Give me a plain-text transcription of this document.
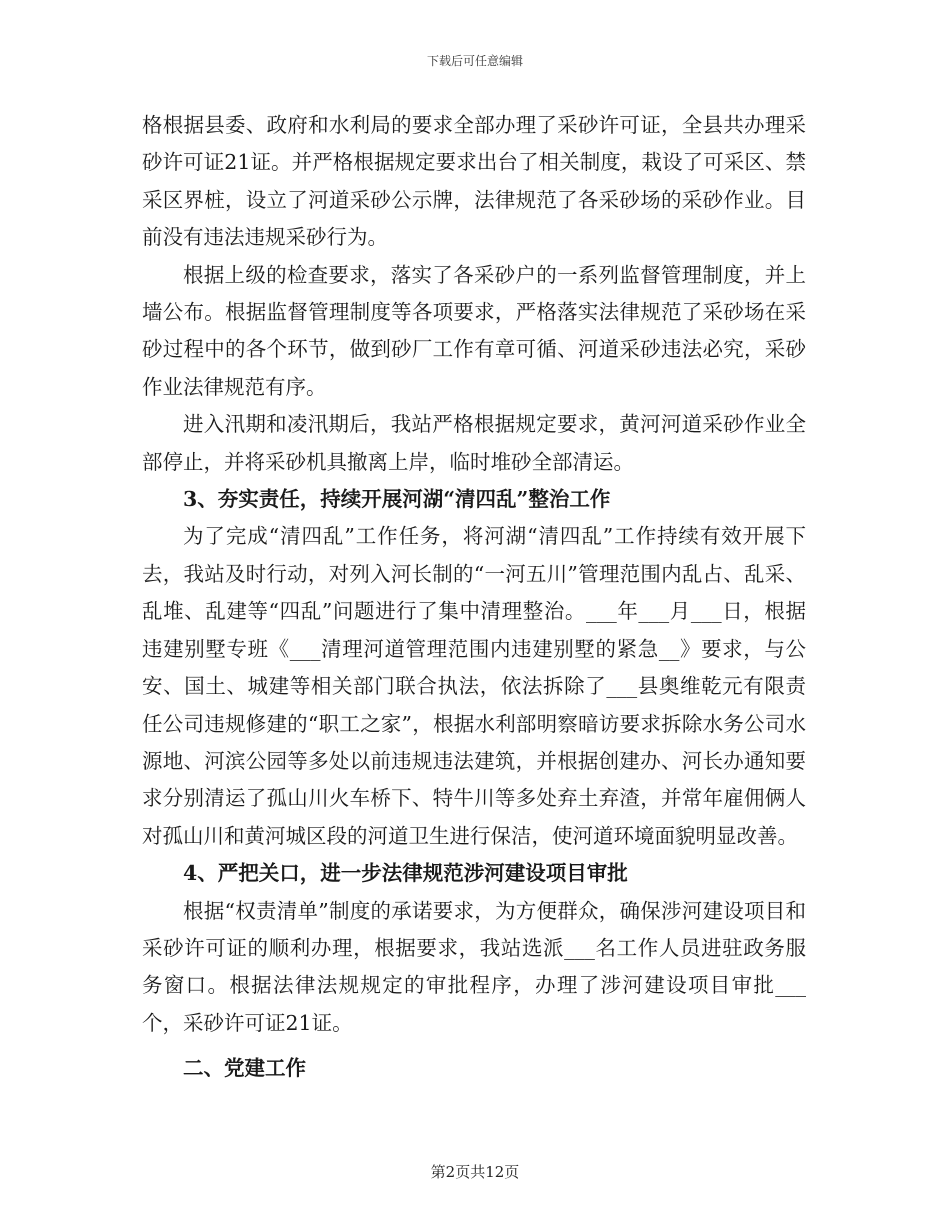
下载后可任意编辑

格根据县委、政府和水利局的要求全部办理了采砂许可证，全县共办理采砂许可证21证。并严格根据规定要求出台了相关制度，栽设了可采区、禁采区界桩，设立了河道采砂公示牌，法律规范了各采砂场的采砂作业。目前没有违法违规采砂行为。

根据上级的检查要求，落实了各采砂户的一系列监督管理制度，并上墙公布。根据监督管理制度等各项要求，严格落实法律规范了采砂场在采砂过程中的各个环节，做到砂厂工作有章可循、河道采砂违法必究，采砂作业法律规范有序。

进入汛期和凌汛期后，我站严格根据规定要求，黄河河道采砂作业全部停止，并将采砂机具撤离上岸，临时堆砂全部清运。

3、夯实责任，持续开展河湖“清四乱”整治工作

为了完成“清四乱”工作任务，将河湖“清四乱”工作持续有效开展下去，我站及时行动，对列入河长制的“一河五川”管理范围内乱占、乱采、乱堆、乱建等“四乱”问题进行了集中清理整治。___年___月___日，根据违建别墅专班《___清理河道管理范围内违建别墅的紧急__》要求，与公安、国土、城建等相关部门联合执法，依法拆除了___县奥维乾元有限责任公司违规修建的“职工之家”，根据水利部明察暗访要求拆除水务公司水源地、河滨公园等多处以前违规违法建筑，并根据创建办、河长办通知要求分别清运了孤山川火车桥下、特牛川等多处弃土弃渣，并常年雇佣俩人对孤山川和黄河城区段的河道卫生进行保洁，使河道环境面貌明显改善。

4、严把关口，进一步法律规范涉河建设项目审批

根据“权责清单”制度的承诺要求，为方便群众，确保涉河建设项目和采砂许可证的顺利办理，根据要求，我站选派___名工作人员进驻政务服务窗口。根据法律法规规定的审批程序，办理了涉河建设项目审批___个，采砂许可证21证。

二、党建工作
第2页共12页
